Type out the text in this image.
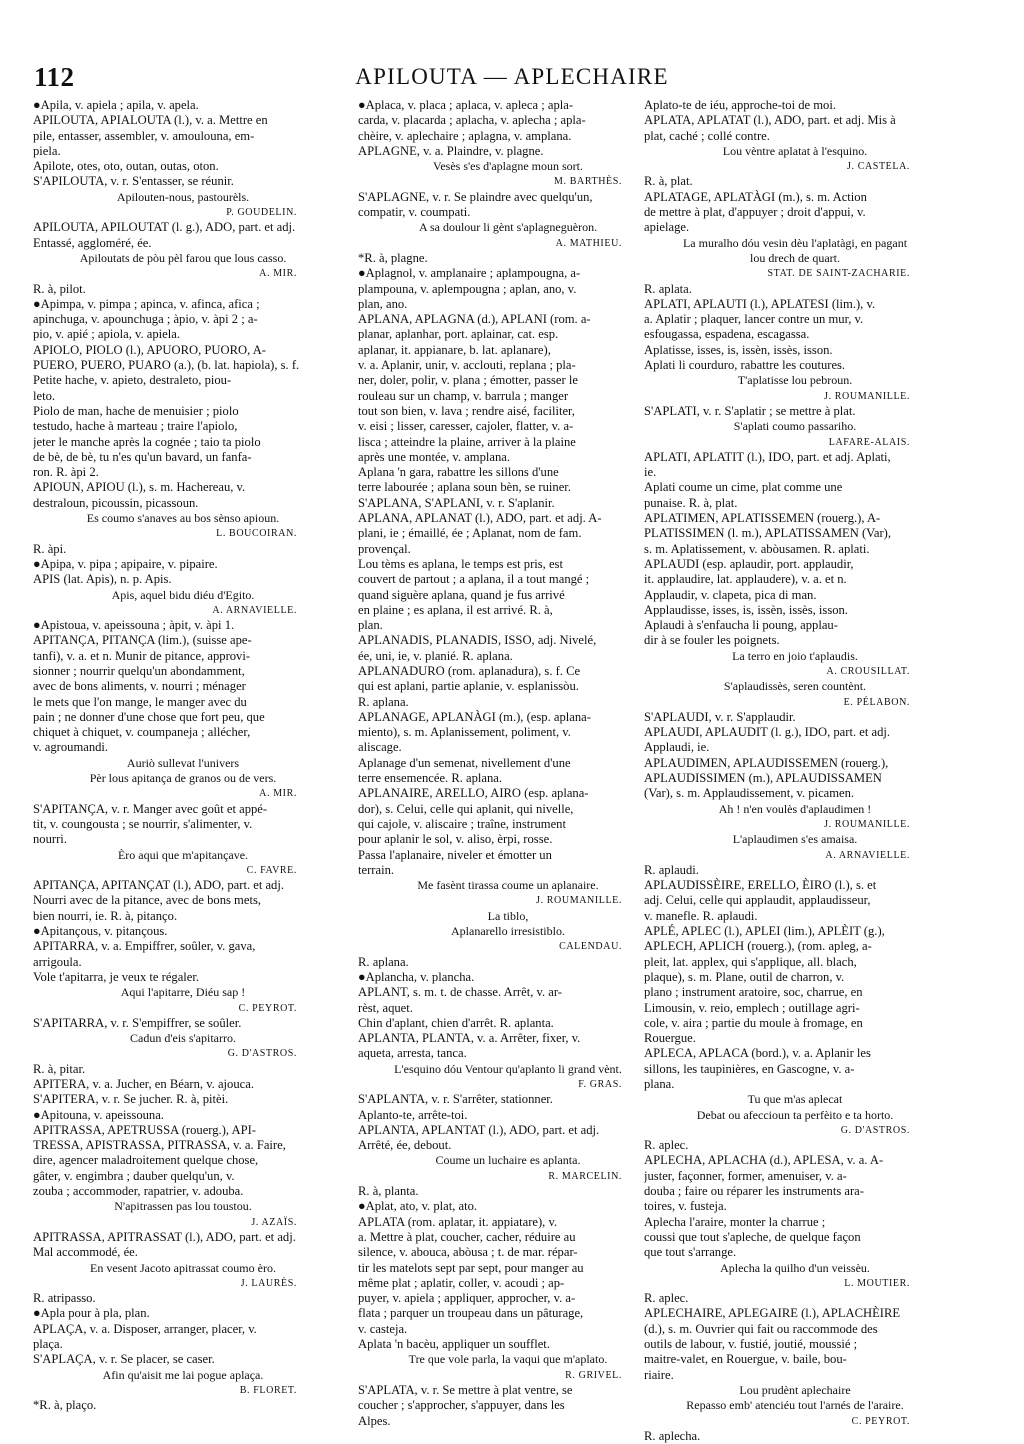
112	APILOUTA — APLECHAIRE
●Apila, v. apiela ; apila, v. apela.
APILOUTA, APIALOUTA (l.), v. a. Mettre en
pile, entasser, assembler, v. amoulouna, em-
piela.
Apilote, otes, oto, outan, outas, oton.
S'APILOUTA, v. r. S'entasser, se réunir.
Apilouten-nous, pastourèls.
P. GOUDELIN.
APILOUTA, APILOUTAT (l. g.), ADO, part. et adj.
Entassé, aggloméré, ée.
Apiloutats de pòu pèl farou que lous casso.
A. MIR.
R. à, pilot.
●Apimpa, v. pimpa ; apinca, v. afinca, afica ;
apinchuga, v. apounchuga ; àpio, v. àpi 2 ; a-
pio, v. apié ; apiola, v. apiela.
APIOLO, PIOLO (l.), APUORO, PUORO, A-
PUERO, PUERO, PUARO (a.), (b. lat. hapiola), s. f.
Petite hache, v. apieto, destraleto, piou-
leto.
Piolo de man, hache de menuisier ; piolo
testudo, hache à marteau ; traire l'apiolo,
jeter le manche après la cognée ; taio ta piolo
de bè, de bè, tu n'es qu'un bavard, un fanfa-
ron. R. àpi 2.
APIOUN, APIOU (l.), s. m. Hachereau, v.
destraloun, picoussin, picassoun.
Es coumo s'anaves au bos sènso apioun.
L. BOUCOIRAN.
R. àpi.
●Apipa, v. pipa ; apipaire, v. pipaire.
APIS (lat. Apis), n. p. Apis.
Apis, aquel bidu diéu d'Egito.
A. ARNAVIELLE.
●Apistoua, v. apeissouna ; àpit, v. àpi 1.
APITANÇA, PITANÇA (lim.), (suisse ape-
tanfi), v. a. et n. Munir de pitance, approvi-
sionner ; nourrir quelqu'un abondamment,
avec de bons aliments, v. nourri ; ménager
le mets que l'on mange, le manger avec du
pain ; ne donner d'une chose que fort peu, que
chiquet à chiquet, v. coumpaneja ; allécher,
v. agroumandi.
Auriò sullevat l'univers
Pèr lous apitança de granos ou de vers.
A. MIR.
S'APITANÇA, v. r. Manger avec goût et appé-
tit, v. coungousta ; se nourrir, s'alimenter, v.
nourri.
Èro aqui que m'apitançave.
C. FAVRE.
APITANÇA, APITANÇAT (l.), ADO, part. et adj.
Nourri avec de la pitance, avec de bons mets,
bien nourri, ie. R. à, pitanço.
●Apitançous, v. pitançous.
APITARRA, v. a. Empiffrer, soûler, v. gava,
arrigoula.
Vole t'apitarra, je veux te régaler.
Aqui l'apitarre, Diéu sap !
C. PEYROT.
S'APITARRA, v. r. S'empiffrer, se soûler.
Cadun d'eis s'apitarro.
G. D'ASTROS.
R. à, pitar.
APITERA, v. a. Jucher, en Béarn, v. ajouca.
S'APITERA, v. r. Se jucher. R. à, pitèi.
●Apitouna, v. apeissouna.
APITRASSA, APETRUSSA (rouerg.), API-
TRESSA, APISTRASSA, PITRASSA, v. a. Faire,
dire, agencer maladroitement quelque chose,
gâter, v. engimbra ; dauber quelqu'un, v.
zouba ; accommoder, rapatrier, v. adouba.
N'apitrassen pas lou toustou.
J. AZAÏS.
APITRASSA, APITRASSAT (l.), ADO, part. et adj.
Mal accommodé, ée.
En vesent Jacoto apitrassat coumo èro.
J. LAURÈS.
R. atripasso.
●Apla pour à pla, plan.
APLAÇA, v. a. Disposer, arranger, placer, v.
plaça.
S'APLAÇA, v. r. Se placer, se caser.
Afin qu'aisit me lai pogue aplaça.
B. FLORET.
*R. à, plaço.
●Aplaca, v. placa ; aplaca, v. apleca ; apla-
carda, v. placarda ; aplacha, v. aplecha ; apla-
chèire, v. aplechaire ; aplagna, v. amplana.
APLAGNE, v. a. Plaindre, v. plagne.
Vesès s'es d'aplagne moun sort.
M. BARTHÈS.
S'APLAGNE, v. r. Se plaindre avec quelqu'un,
compatir, v. coumpati.
A sa doulour li gènt s'aplagneguèron.
A. MATHIEU.
*R. à, plagne.
●Aplagnol, v. amplanaire ; aplampougna, a-
plampouna, v. aplempougna ; aplan, ano, v.
plan, ano.
APLANA, APLAGNA (d.), APLANI (rom. a-
planar, aplanhar, port. aplainar, cat. esp.
aplanar, it. appianare, b. lat. aplanare),
v. a. Aplanir, unir, v. acclouti, replana ; pla-
ner, doler, polir, v. plana ; émotter, passer le
rouleau sur un champ, v. barrula ; manger
tout son bien, v. lava ; rendre aisé, faciliter,
v. eisi ; lisser, caresser, cajoler, flatter, v. a-
lisca ; atteindre la plaine, arriver à la plaine
après une montée, v. amplana.
Aplana 'n gara, rabattre les sillons d'une
terre labourée ; aplana soun bèn, se ruiner.
S'APLANA, S'APLANI, v. r. S'aplanir.
APLANA, APLANAT (l.), ADO, part. et adj. A-
plani, ie ; émaillé, ée ; Aplanat, nom de fam.
provençal.
Lou tèms es aplana, le temps est pris, est
couvert de partout ; a aplana, il a tout mangé ;
quand siguère aplana, quand je fus arrivé
en plaine ; es aplana, il est arrivé. R. à,
plan.
APLANADIS, PLANADIS, ISSO, adj. Nivelé,
ée, uni, ie, v. planié. R. aplana.
APLANADURO (rom. aplanadura), s. f. Ce
qui est aplani, partie aplanie, v. esplanissòu.
R. aplana.
APLANAGE, APLANÀGI (m.), (esp. aplana-
miento), s. m. Aplanissement, poliment, v.
aliscage.
Aplanage d'un semenat, nivellement d'une
terre ensemencée. R. aplana.
APLANAIRE, ARELLO, AIRO (esp. aplana-
dor), s. Celui, celle qui aplanit, qui nivelle,
qui cajole, v. aliscaire ; traîne, instrument
pour aplanir le sol, v. aliso, èrpi, rosse.
Passa l'aplanaire, niveler et émotter un
terrain.
Me fasènt tirassa coume un aplanaire.
J. ROUMANILLE.
La tiblo,
Aplanarello irresistiblo.
CALENDAU.
R. aplana.
●Aplancha, v. plancha.
APLANT, s. m. t. de chasse. Arrêt, v. ar-
rèst, aquet.
Chin d'aplant, chien d'arrêt. R. aplanta.
APLANTA, PLANTA, v. a. Arrêter, fixer, v.
aqueta, arresta, tanca.
L'esquino dóu Ventour qu'aplanto li grand vènt.
F. GRAS.
S'APLANTA, v. r. S'arrêter, stationner.
Aplanto-te, arrête-toi.
APLANTA, APLANTAT (l.), ADO, part. et adj.
Arrêté, ée, debout.
Coume un luchaire es aplanta.
R. MARCELIN.
R. à, planta.
●Aplat, ato, v. plat, ato.
APLATA (rom. aplatar, it. appiatare), v.
a. Mettre à plat, coucher, cacher, réduire au
silence, v. abouca, abòusa ; t. de mar. répar-
tir les matelots sept par sept, pour manger au
même plat ; aplatir, coller, v. acoudi ; ap-
puyer, v. apiela ; appliquer, approcher, v. a-
flata ; parquer un troupeau dans un pâturage,
v. casteja.
Aplata 'n bacèu, appliquer un soufflet.
Tre que vole parla, la vaqui que m'aplato.
R. GRIVEL.
S'APLATA, v. r. Se mettre à plat ventre, se
coucher ; s'approcher, s'appuyer, dans les
Alpes.
Aplato-te de iéu, approche-toi de moi.
APLATA, APLATAT (l.), ADO, part. et adj. Mis à
plat, caché ; collé contre.
Lou vèntre aplatat à l'esquino.
J. CASTELA.
R. à, plat.
APLATAGE, APLATÀGI (m.), s. m. Action
de mettre à plat, d'appuyer ; droit d'appui, v.
apielage.
La muralho dóu vesin dèu l'aplatàgi, en pagant
lou drech de quart.
STAT. DE SAINT-ZACHARIE.
R. aplata.
APLATI, APLAUTI (l.), APLATESI (lim.), v.
a. Aplatir ; plaquer, lancer contre un mur, v.
esfougassa, espadena, escagassa.
Aplatisse, isses, is, issèn, issès, isson.
Aplati li courduro, rabattre les coutures.
T'aplatisse lou pebroun.
J. ROUMANILLE.
S'APLATI, v. r. S'aplatir ; se mettre à plat.
S'aplati coumo passariho.
LAFARE-ALAIS.
APLATI, APLATIT (l.), IDO, part. et adj. Aplati,
ie.
Aplati coume un cime, plat comme une
punaise. R. à, plat.
APLATIMEN, APLATISSEMEN (rouerg.), A-
PLATISSIMEN (l. m.), APLATISSAMEN (Var),
s. m. Aplatissement, v. abòusamen. R. aplati.
APLAUDI (esp. aplaudir, port. applaudir,
it. applaudire, lat. applaudere), v. a. et n.
Applaudir, v. clapeta, pica di man.
Applaudisse, isses, is, issèn, issès, isson.
Aplaudi à s'enfaucha li poung, applau-
dir à se fouler les poignets.
La terro en joio t'aplaudis.
A. CROUSILLAT.
S'aplaudissès, seren countènt.
E. PÉLABON.
S'APLAUDI, v. r. S'applaudir.
APLAUDI, APLAUDIT (l. g.), IDO, part. et adj.
Applaudi, ie.
APLAUDIMEN, APLAUDISSEMEN (rouerg.),
APLAUDISSIMEN (m.), APLAUDISSAMEN
(Var), s. m. Applaudissement, v. picamen.
Ah ! n'en voulès d'aplaudimen !
J. ROUMANILLE.
L'aplaudimen s'es amaisa.
A. ARNAVIELLE.
R. aplaudi.
APLAUDISSÈIRE, ERELLO, ÈIRO (l.), s. et
adj. Celui, celle qui applaudit, applaudisseur,
v. manefle. R. aplaudi.
APLÉ, APLEC (l.), APLEI (lim.), APLÈIT (g.),
APLECH, APLICH (rouerg.), (rom. apleg, a-
pleit, lat. applex, qui s'applique, all. blach,
plaque), s. m. Plane, outil de charron, v.
plano ; instrument aratoire, soc, charrue, en
Limousin, v. reio, emplech ; outillage agri-
cole, v. aira ; partie du moule à fromage, en
Rouergue.
APLECA, APLACA (bord.), v. a. Aplanir les
sillons, les taupinières, en Gascogne, v. a-
plana.
Tu que m'as aplecat
Debat ou afeccioun ta perfèito e ta horto.
G. D'ASTROS.
R. aplec.
APLECHA, APLACHA (d.), APLESA, v. a. A-
juster, façonner, former, amenuiser, v. a-
douba ; faire ou réparer les instruments ara-
toires, v. fusteja.
Aplecha l'araire, monter la charrue ;
coussi que tout s'apleche, de quelque façon
que tout s'arrange.
Aplecha la quilho d'un veissèu.
L. MOUTIER.
R. aplec.
APLECHAIRE, APLEGAIRE (l.), APLACHÈIRE
(d.), s. m. Ouvrier qui fait ou raccommode des
outils de labour, v. fustié, joutié, moussié ;
maitre-valet, en Rouergue, v. baile, bou-
riaire.
Lou prudènt aplechaire
Repasso emb' atenciéu tout l'arnés de l'araire.
C. PEYROT.
R. aplecha.
